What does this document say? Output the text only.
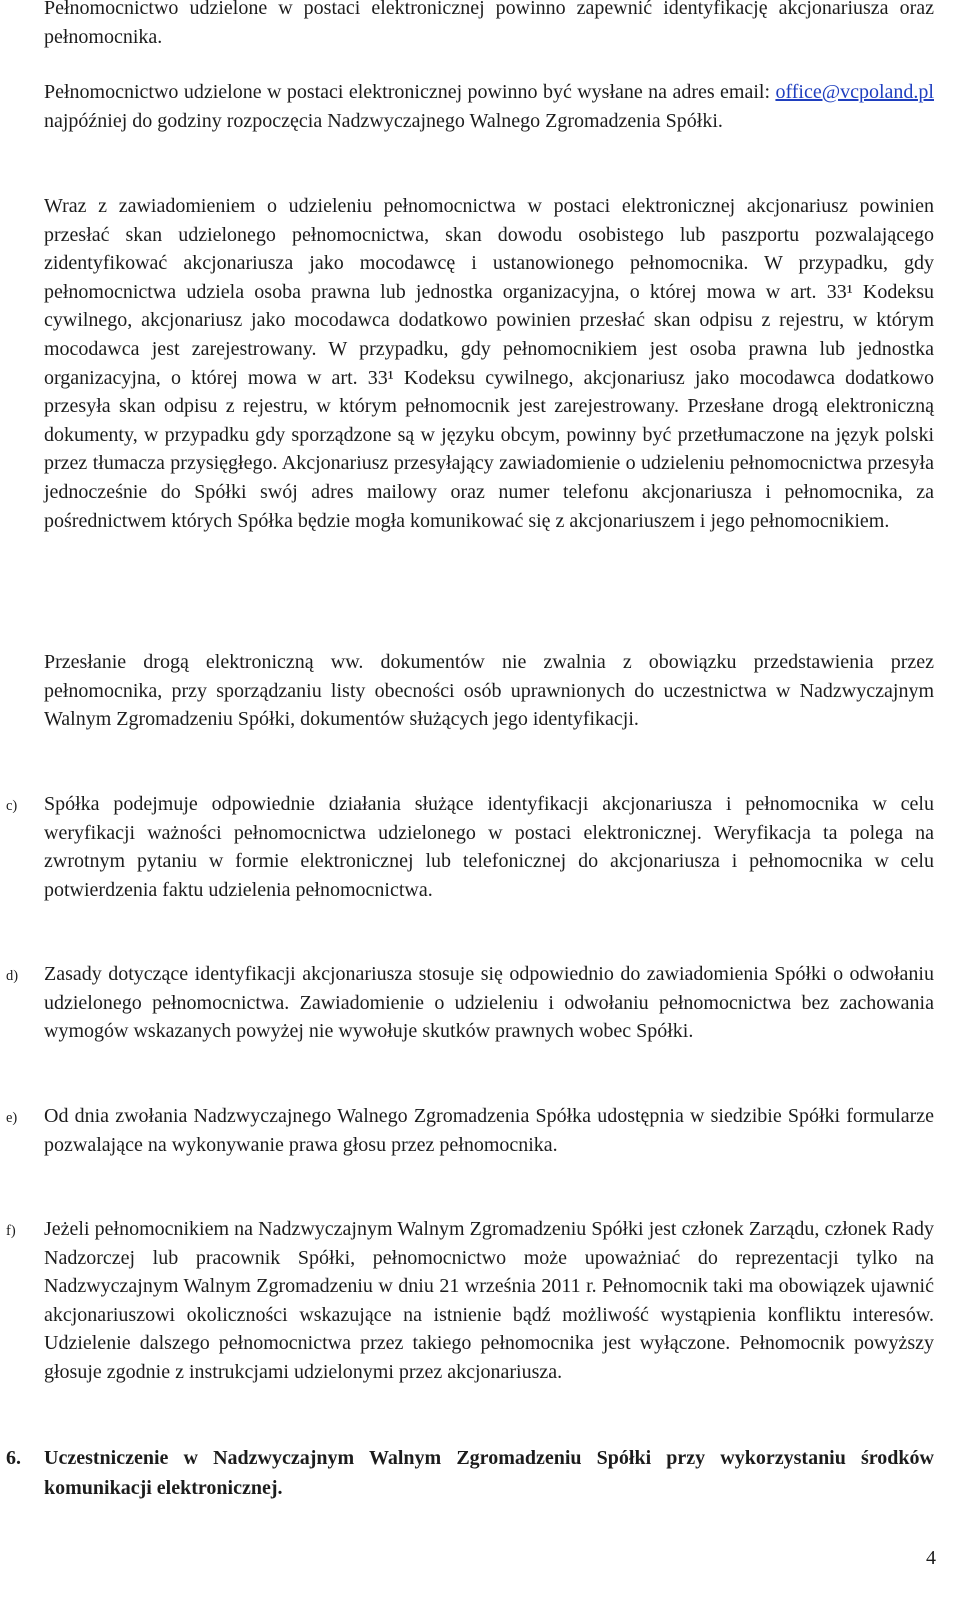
Pełnomocnictwo udzielone w postaci elektronicznej powinno zapewnić identyfikację akcjonariusza oraz pełnomocnika.

Pełnomocnictwo udzielone w postaci elektronicznej powinno być wysłane na adres email: office@vcpoland.pl najpóźniej do godziny rozpoczęcia Nadzwyczajnego Walnego Zgromadzenia Spółki.

Wraz z zawiadomieniem o udzieleniu pełnomocnictwa w postaci elektronicznej akcjonariusz powinien przesłać skan udzielonego pełnomocnictwa, skan dowodu osobistego lub paszportu pozwalającego zidentyfikować akcjonariusza jako mocodawcę i ustanowionego pełnomocnika. W przypadku, gdy pełnomocnictwa udziela osoba prawna lub jednostka organizacyjna, o której mowa w art. 33¹ Kodeksu cywilnego, akcjonariusz jako mocodawca dodatkowo powinien przesłać skan odpisu z rejestru, w którym mocodawca jest zarejestrowany. W przypadku, gdy pełnomocnikiem jest osoba prawna lub jednostka organizacyjna, o której mowa w art. 33¹ Kodeksu cywilnego, akcjonariusz jako mocodawca dodatkowo przesyła skan odpisu z rejestru, w którym pełnomocnik jest zarejestrowany. Przesłane drogą elektroniczną dokumenty, w przypadku gdy sporządzone są w języku obcym, powinny być przetłumaczone na język polski przez tłumacza przysięgłego. Akcjonariusz przesyłający zawiadomienie o udzieleniu pełnomocnictwa przesyła jednocześnie do Spółki swój adres mailowy oraz numer telefonu akcjonariusza i pełnomocnika, za pośrednictwem których Spółka będzie mogła komunikować się z akcjonariuszem i jego pełnomocnikiem.

Przesłanie drogą elektroniczną ww. dokumentów nie zwalnia z obowiązku przedstawienia przez pełnomocnika, przy sporządzaniu listy obecności osób uprawnionych do uczestnictwa w Nadzwyczajnym Walnym Zgromadzeniu Spółki, dokumentów służących jego identyfikacji.

c) Spółka podejmuje odpowiednie działania służące identyfikacji akcjonariusza i pełnomocnika w celu weryfikacji ważności pełnomocnictwa udzielonego w postaci elektronicznej. Weryfikacja ta polega na zwrotnym pytaniu w formie elektronicznej lub telefonicznej do akcjonariusza i pełnomocnika w celu potwierdzenia faktu udzielenia pełnomocnictwa.

d) Zasady dotyczące identyfikacji akcjonariusza stosuje się odpowiednio do zawiadomienia Spółki o odwołaniu udzielonego pełnomocnictwa. Zawiadomienie o udzieleniu i odwołaniu pełnomocnictwa bez zachowania wymogów wskazanych powyżej nie wywołuje skutków prawnych wobec Spółki.

e) Od dnia zwołania Nadzwyczajnego Walnego Zgromadzenia Spółka udostępnia w siedzibie Spółki formularze pozwalające na wykonywanie prawa głosu przez pełnomocnika.

f) Jeżeli pełnomocnikiem na Nadzwyczajnym Walnym Zgromadzeniu Spółki jest członek Zarządu, członek Rady Nadzorczej lub pracownik Spółki, pełnomocnictwo może upoważniać do reprezentacji tylko na Nadzwyczajnym Walnym Zgromadzeniu w dniu 21 września 2011 r. Pełnomocnik taki ma obowiązek ujawnić akcjonariuszowi okoliczności wskazujące na istnienie bądź możliwość wystąpienia konfliktu interesów. Udzielenie dalszego pełnomocnictwa przez takiego pełnomocnika jest wyłączone. Pełnomocnik powyższy głosuje zgodnie z instrukcjami udzielonymi przez akcjonariusza.

6. Uczestniczenie w Nadzwyczajnym Walnym Zgromadzeniu Spółki przy wykorzystaniu środków komunikacji elektronicznej.

4
